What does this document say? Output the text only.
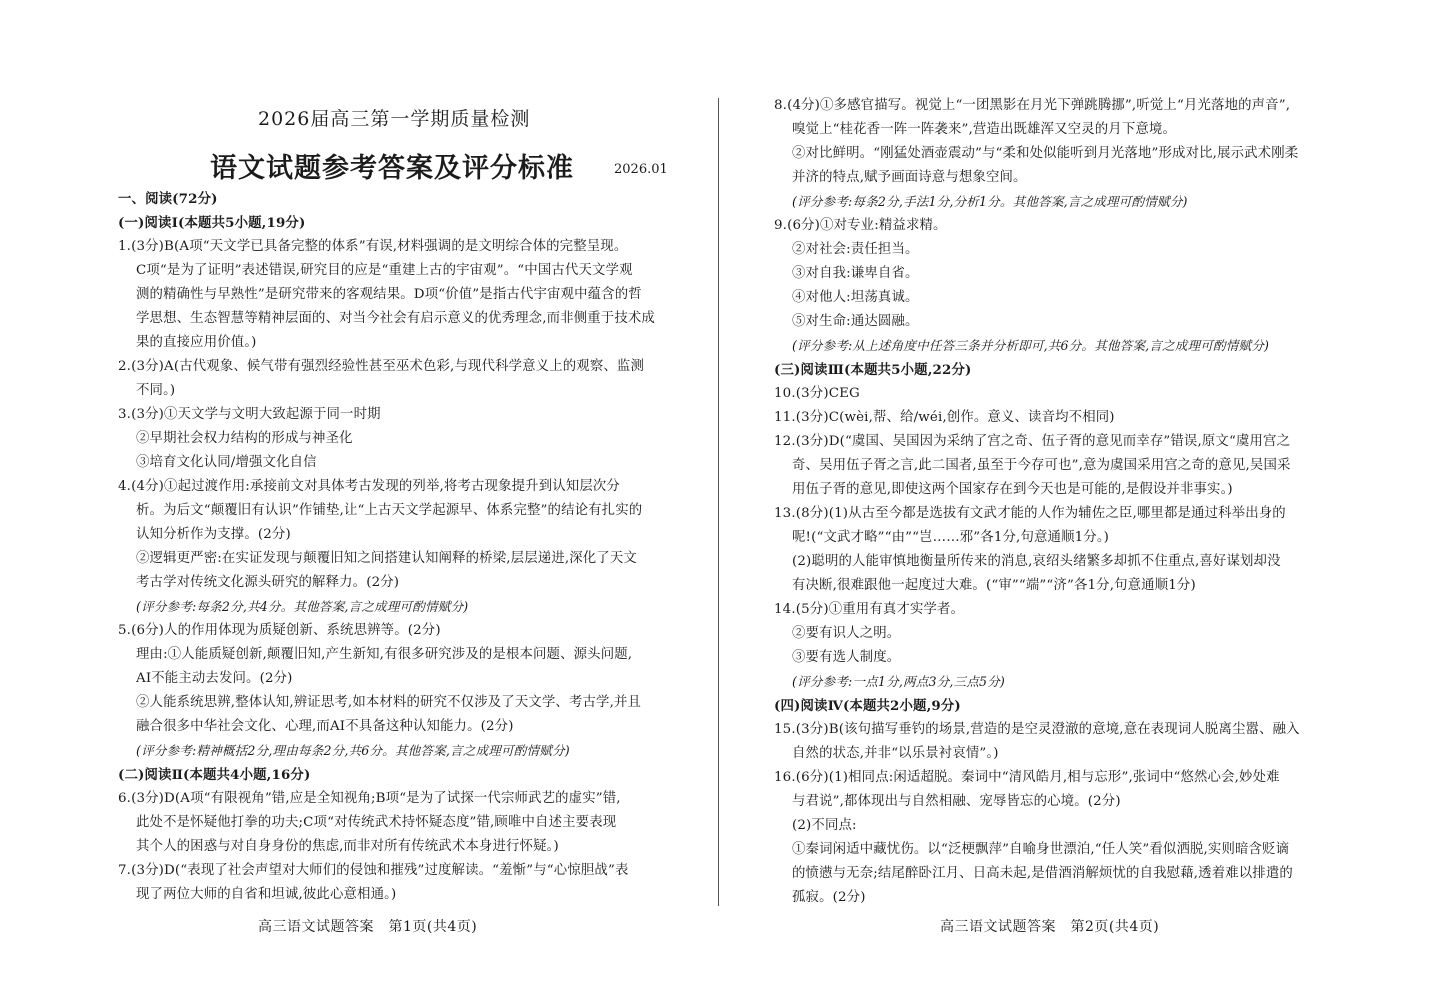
2026届高三第一学期质量检测
语文试题参考答案及评分标准	2026.01
一、阅读(72分)
(一)阅读Ⅰ(本题共5小题,19分)
1.(3分)B(A项“天文学已具备完整的体系”有误,材料强调的是文明综合体的完整呈现。
C项“是为了证明”表述错误,研究目的应是“重建上古的宇宙观”。“中国古代天文学观
测的精确性与早熟性”是研究带来的客观结果。D项“价值”是指古代宇宙观中蕴含的哲
学思想、生态智慧等精神层面的、对当今社会有启示意义的优秀理念,而非侧重于技术成
果的直接应用价值。)
2.(3分)A(古代观象、候气带有强烈经验性甚至巫术色彩,与现代科学意义上的观察、监测
不同。)
3.(3分)①天文学与文明大致起源于同一时期
②早期社会权力结构的形成与神圣化
③培育文化认同/增强文化自信
4.(4分)①起过渡作用:承接前文对具体考古发现的列举,将考古现象提升到认知层次分
析。为后文“颠覆旧有认识”作铺垫,让“上古天文学起源早、体系完整”的结论有扎实的
认知分析作为支撑。(2分)
②逻辑更严密:在实证发现与颠覆旧知之间搭建认知阐释的桥梁,层层递进,深化了天文
考古学对传统文化源头研究的解释力。(2分)
(评分参考:每条2分,共4分。其他答案,言之成理可酌情赋分)
5.(6分)人的作用体现为质疑创新、系统思辨等。(2分)
理由:①人能质疑创新,颠覆旧知,产生新知,有很多研究涉及的是根本问题、源头问题,
AI不能主动去发问。(2分)
②人能系统思辨,整体认知,辨证思考,如本材料的研究不仅涉及了天文学、考古学,并且
融合很多中华社会文化、心理,而AI不具备这种认知能力。(2分)
(评分参考:精神概括2分,理由每条2分,共6分。其他答案,言之成理可酌情赋分)
(二)阅读Ⅱ(本题共4小题,16分)
6.(3分)D(A项“有限视角”错,应是全知视角;B项“是为了试探一代宗师武艺的虚实”错,
此处不是怀疑他打拳的功夫;C项“对传统武术持怀疑态度”错,顾唯中自述主要表现
其个人的困惑与对自身身份的焦虑,而非对所有传统武术本身进行怀疑。)
7.(3分)D(“表现了社会声望对大师们的侵蚀和摧残”过度解读。“羞惭”与“心惊胆战”表
现了两位大师的自省和坦诚,彼此心意相通。)
高三语文试题答案　第1页(共4页)
8.(4分)①多感官描写。视觉上“一团黑影在月光下弹跳腾挪”,听觉上“月光落地的声音”,
嗅觉上“桂花香一阵一阵袭来”,营造出既雄浑又空灵的月下意境。
②对比鲜明。“刚猛处酒壶震动”与“柔和处似能听到月光落地”形成对比,展示武术刚柔
并济的特点,赋予画面诗意与想象空间。
(评分参考:每条2分,手法1分,分析1分。其他答案,言之成理可酌情赋分)
9.(6分)①对专业:精益求精。
②对社会:责任担当。
③对自我:谦卑自省。
④对他人:坦荡真诚。
⑤对生命:通达圆融。
(评分参考:从上述角度中任答三条并分析即可,共6分。其他答案,言之成理可酌情赋分)
(三)阅读Ⅲ(本题共5小题,22分)
10.(3分)CEG
11.(3分)C(wèi,帮、给/wéi,创作。意义、读音均不相同)
12.(3分)D(“虞国、吴国因为采纳了宫之奇、伍子胥的意见而幸存”错误,原文“虞用宫之
奇、吴用伍子胥之言,此二国者,虽至于今存可也”,意为虞国采用宫之奇的意见,吴国采
用伍子胥的意见,即使这两个国家存在到今天也是可能的,是假设并非事实。)
13.(8分)(1)从古至今都是选拔有文武才能的人作为辅佐之臣,哪里都是通过科举出身的
呢!(“文武才略”“由”“岂……邪”各1分,句意通顺1分。)
(2)聪明的人能审慎地衡量所传来的消息,哀绍头绪繁多却抓不住重点,喜好谋划却没
有决断,很难跟他一起度过大难。(“审”“端”“济”各1分,句意通顺1分)
14.(5分)①重用有真才实学者。
②要有识人之明。
③要有选人制度。
(评分参考:一点1分,两点3分,三点5分)
(四)阅读Ⅳ(本题共2小题,9分)
15.(3分)B(该句描写垂钓的场景,营造的是空灵澄澈的意境,意在表现词人脱离尘嚣、融入
自然的状态,并非“以乐景衬哀情”。)
16.(6分)(1)相同点:闲适超脱。秦词中“清风皓月,相与忘形”,张词中“悠然心会,妙处难
与君说”,都体现出与自然相融、宠辱皆忘的心境。(2分)
(2)不同点:
①秦词闲适中藏忧伤。以“泛梗飘萍”自喻身世漂泊,“任人笑”看似洒脱,实则暗含贬谪
的愤懑与无奈;结尾醉卧江月、日高未起,是借酒消解烦忧的自我慰藉,透着难以排遣的
孤寂。(2分)
高三语文试题答案　第2页(共4页)
